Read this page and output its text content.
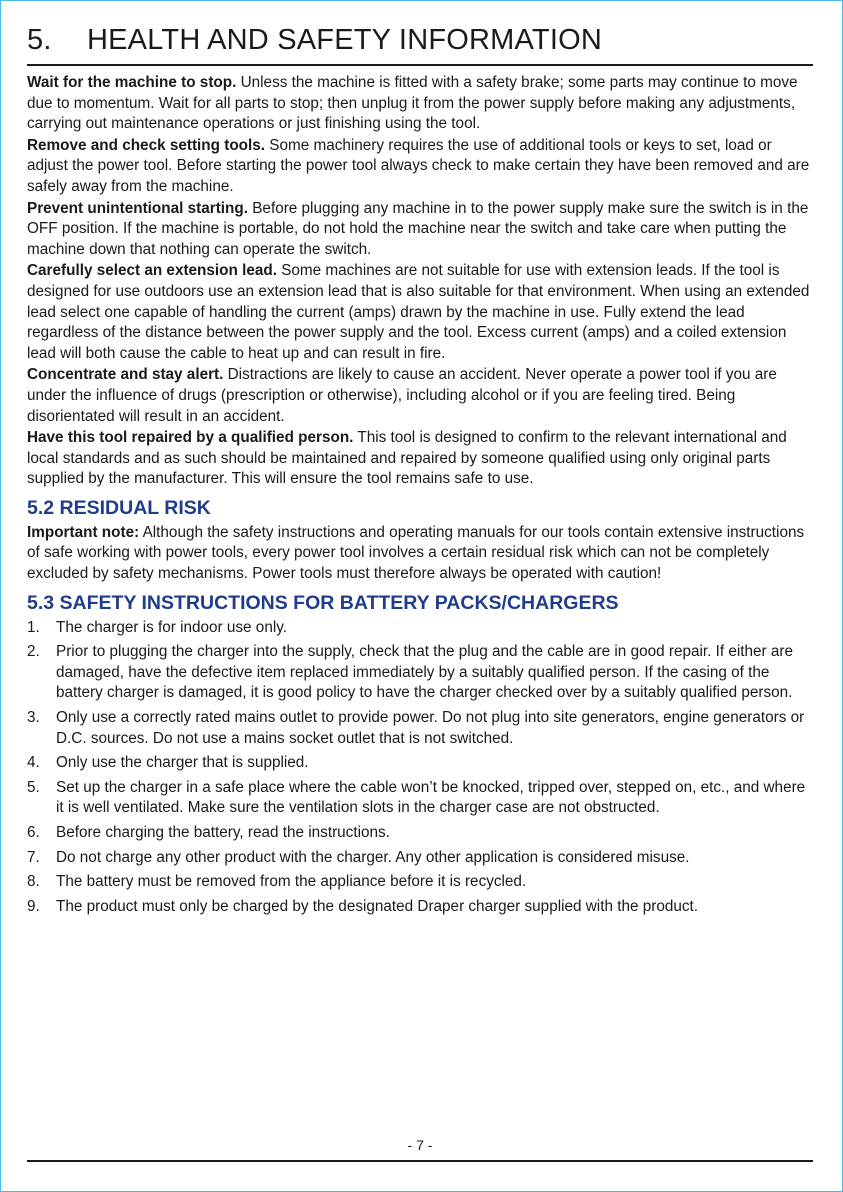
5. HEALTH AND SAFETY INFORMATION

Wait for the machine to stop. Unless the machine is fitted with a safety brake; some parts may continue to move due to momentum. Wait for all parts to stop; then unplug it from the power supply before making any adjustments, carrying out maintenance operations or just finishing using the tool.

Remove and check setting tools. Some machinery requires the use of additional tools or keys to set, load or adjust the power tool. Before starting the power tool always check to make certain they have been removed and are safely away from the machine.

Prevent unintentional starting. Before plugging any machine in to the power supply make sure the switch is in the OFF position. If the machine is portable, do not hold the machine near the switch and take care when putting the machine down that nothing can operate the switch.

Carefully select an extension lead. Some machines are not suitable for use with extension leads. If the tool is designed for use outdoors use an extension lead that is also suitable for that environment. When using an extended lead select one capable of handling the current (amps) drawn by the machine in use. Fully extend the lead regardless of the distance between the power supply and the tool. Excess current (amps) and a coiled extension lead will both cause the cable to heat up and can result in fire.

Concentrate and stay alert. Distractions are likely to cause an accident. Never operate a power tool if you are under the influence of drugs (prescription or otherwise), including alcohol or if you are feeling tired. Being disorientated will result in an accident.

Have this tool repaired by a qualified person. This tool is designed to confirm to the relevant international and local standards and as such should be maintained and repaired by someone qualified using only original parts supplied by the manufacturer. This will ensure the tool remains safe to use.

5.2 RESIDUAL RISK

Important note: Although the safety instructions and operating manuals for our tools contain extensive instructions of safe working with power tools, every power tool involves a certain residual risk which can not be completely excluded by safety mechanisms. Power tools must therefore always be operated with caution!

5.3 SAFETY INSTRUCTIONS FOR BATTERY PACKS/CHARGERS
1.	The charger is for indoor use only.
2.	Prior to plugging the charger into the supply, check that the plug and the cable are in good repair. If either are damaged, have the defective item replaced immediately by a suitably qualified person. If the casing of the battery charger is damaged, it is good policy to have the charger checked over by a suitably qualified person.
3.	Only use a correctly rated mains outlet to provide power. Do not plug into site generators, engine generators or D.C. sources. Do not use a mains socket outlet that is not switched.
4.	Only use the charger that is supplied.
5.	Set up the charger in a safe place where the cable won’t be knocked, tripped over, stepped on, etc., and where it is well ventilated. Make sure the ventilation slots in the charger case are not obstructed.
6.	Before charging the battery, read the instructions.
7.	Do not charge any other product with the charger. Any other application is considered misuse.
8.	The battery must be removed from the appliance before it is recycled.
9.	The product must only be charged by the designated Draper charger supplied with the product.
- 7 -
